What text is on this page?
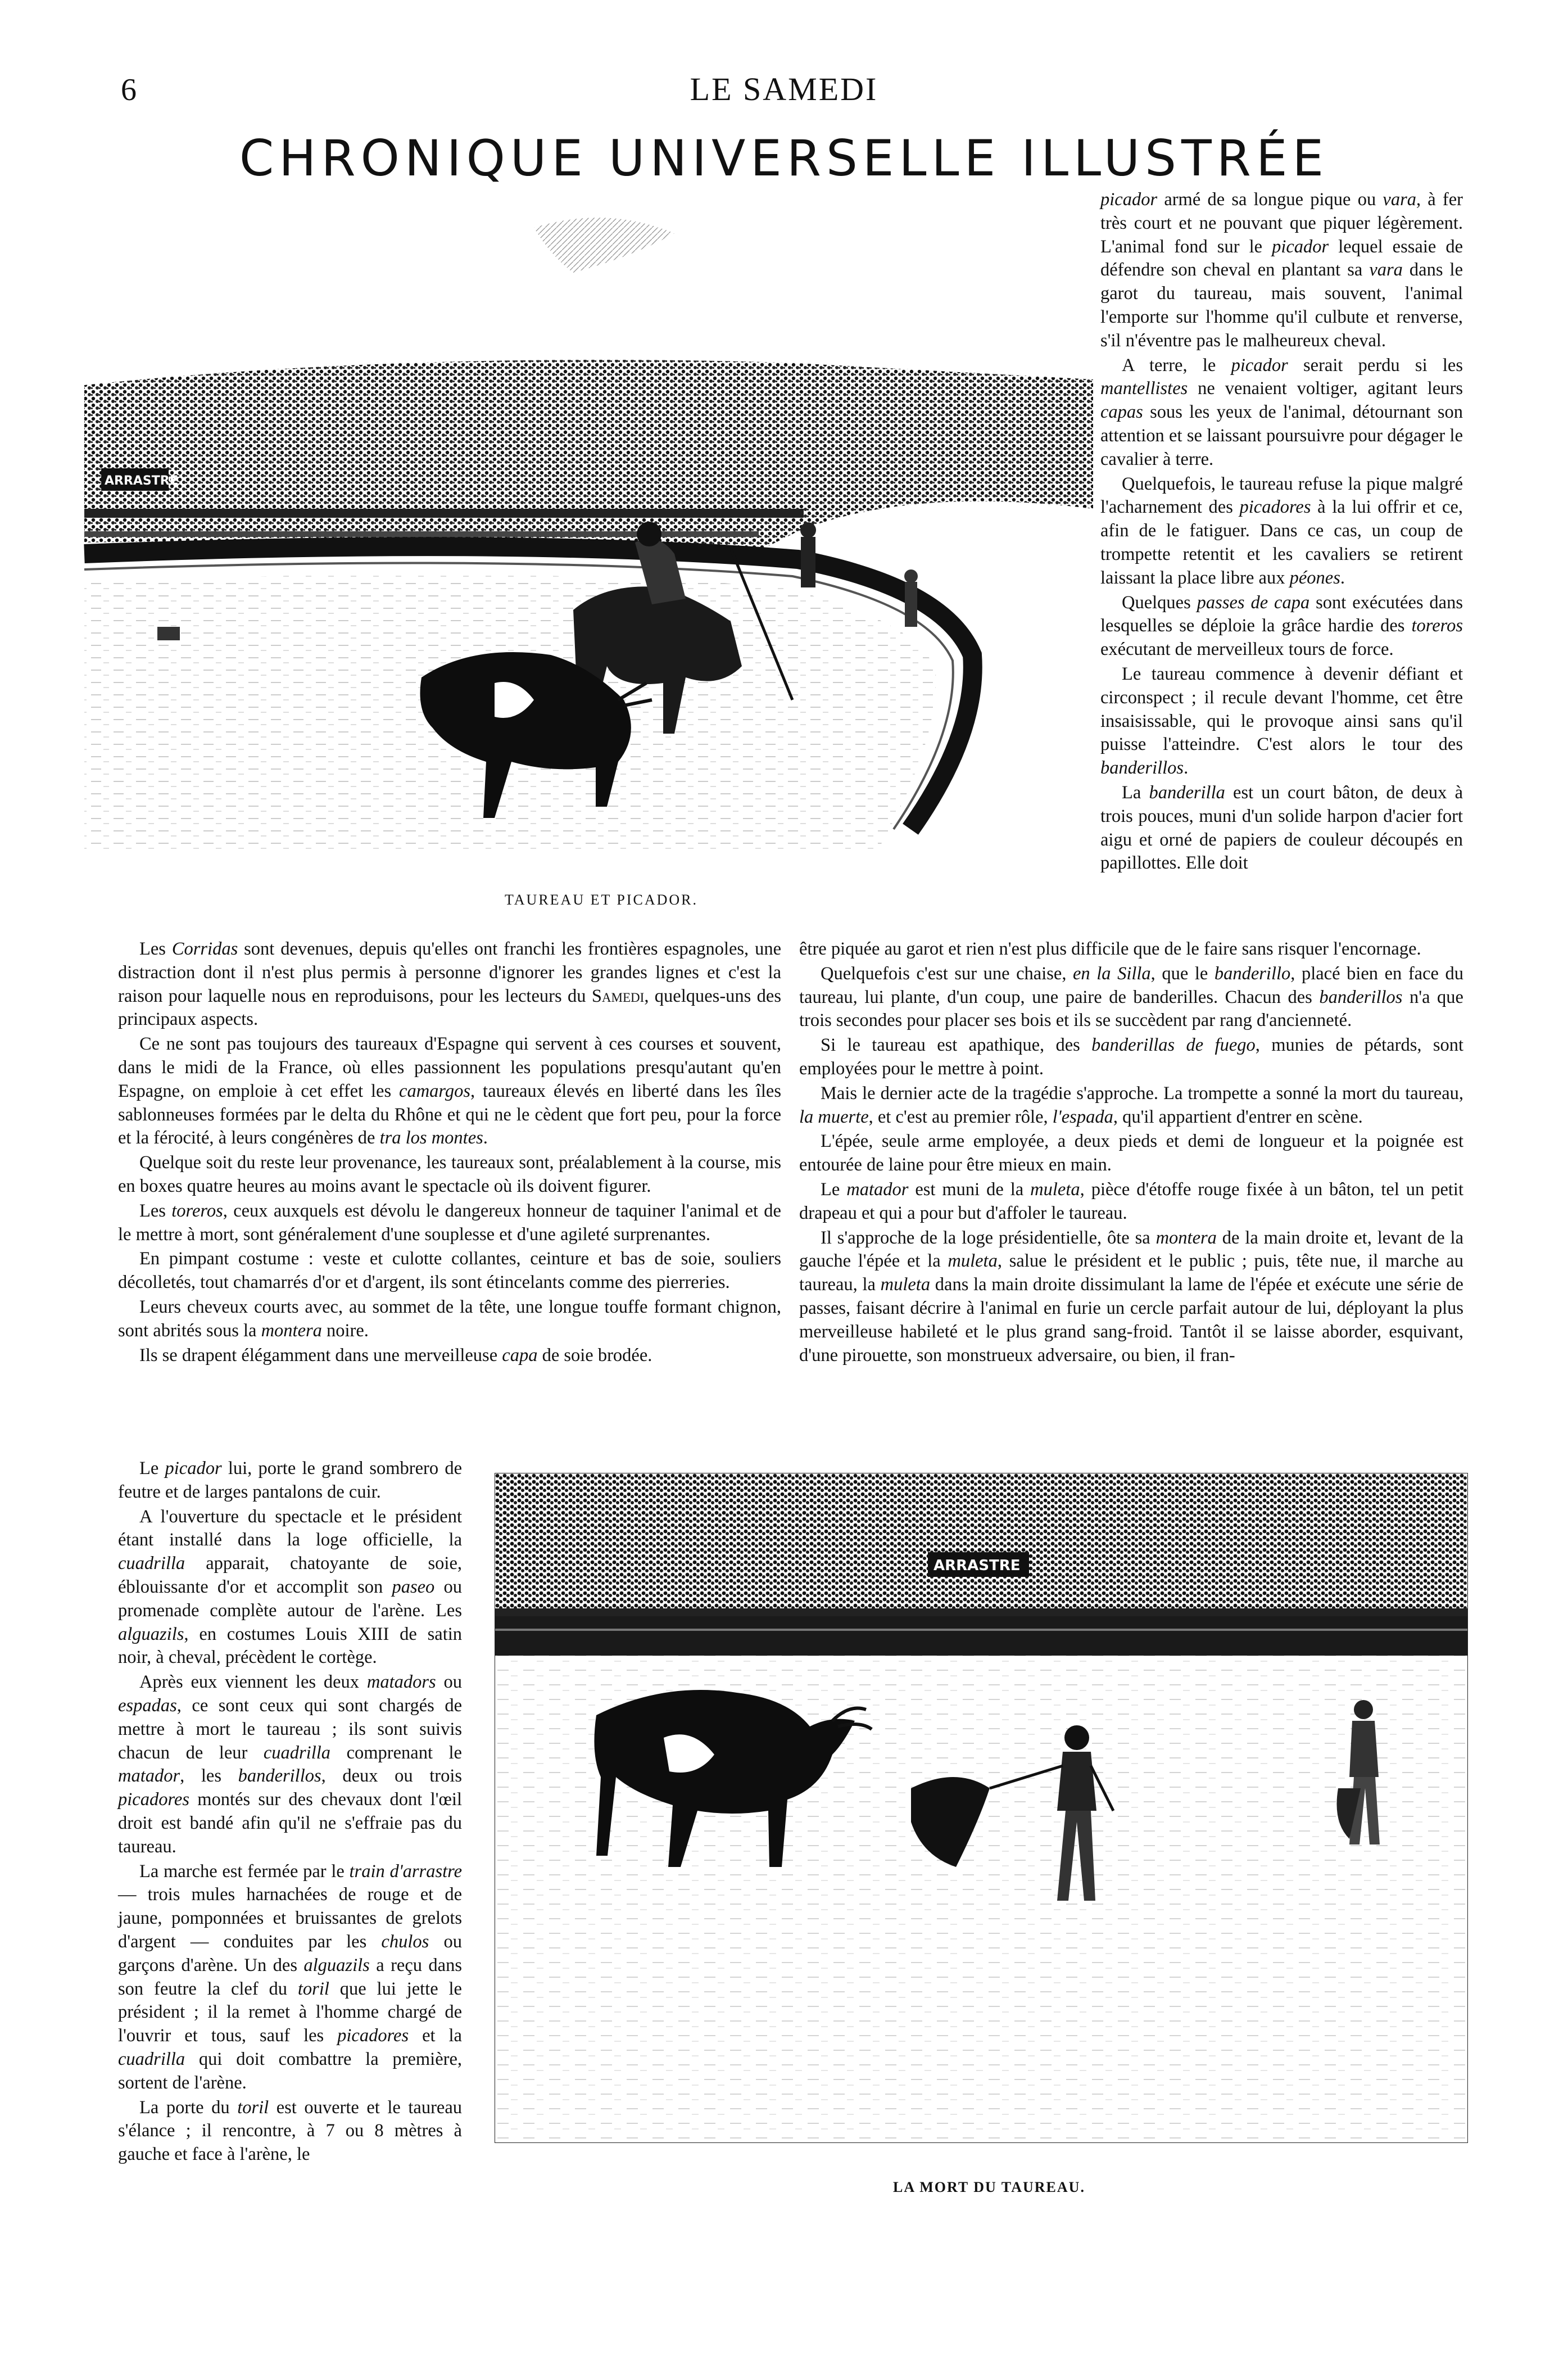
6	LE SAMEDI
CHRONIQUE UNIVERSELLE ILLUSTRÉE
ARRASTRE
TAUREAU ET PICADOR.

picador armé de sa longue pique ou vara, à fer très court et ne pouvant que piquer légèrement. L'animal fond sur le picador lequel essaie de défendre son cheval en plantant sa vara dans le garot du taureau, mais souvent, l'animal l'emporte sur l'homme qu'il culbute et renverse, s'il n'éventre pas le malheureux cheval.

A terre, le picador serait perdu si les mantellistes ne venaient voltiger, agitant leurs capas sous les yeux de l'animal, détournant son attention et se laissant poursuivre pour dégager le cavalier à terre.

Quelquefois, le taureau refuse la pique malgré l'acharnement des picadores à la lui offrir et ce, afin de le fatiguer. Dans ce cas, un coup de trompette retentit et les cavaliers se retirent laissant la place libre aux péones.

Quelques passes de capa sont exécutées dans lesquelles se déploie la grâce hardie des toreros exécutant de merveilleux tours de force.

Le taureau commence à devenir défiant et circonspect ; il recule devant l'homme, cet être insaisissable, qui le provoque ainsi sans qu'il puisse l'atteindre. C'est alors le tour des banderillos.

La banderilla est un court bâton, de deux à trois pouces, muni d'un solide harpon d'acier fort aigu et orné de papiers de couleur découpés en papillottes. Elle doit

être piquée au garot et rien n'est plus difficile que de le faire sans risquer l'encornage.

Quelquefois c'est sur une chaise, en la Silla, que le banderillo, placé bien en face du taureau, lui plante, d'un coup, une paire de banderilles. Chacun des banderillos n'a que trois secondes pour placer ses bois et ils se succèdent par rang d'ancienneté.

Si le taureau est apathique, des banderillas de fuego, munies de pétards, sont employées pour le mettre à point.

Mais le dernier acte de la tragédie s'approche. La trompette a sonné la mort du taureau, la muerte, et c'est au premier rôle, l'espada, qu'il appartient d'entrer en scène.

L'épée, seule arme employée, a deux pieds et demi de longueur et la poignée est entourée de laine pour être mieux en main.

Le matador est muni de la muleta, pièce d'étoffe rouge fixée à un bâton, tel un petit drapeau et qui a pour but d'affoler le taureau.

Il s'approche de la loge présidentielle, ôte sa montera de la main droite et, levant de la gauche l'épée et la muleta, salue le président et le public ; puis, tête nue, il marche au taureau, la muleta dans la main droite dissimulant la lame de l'épée et exécute une série de passes, faisant décrire à l'animal en furie un cercle parfait autour de lui, déployant la plus merveilleuse habileté et le plus grand sang-froid. Tantôt il se laisse aborder, esquivant, d'une pirouette, son monstrueux adversaire, ou bien, il fran-

Les Corridas sont devenues, depuis qu'elles ont franchi les frontières espagnoles, une distraction dont il n'est plus permis à personne d'ignorer les grandes lignes et c'est la raison pour laquelle nous en reproduisons, pour les lecteurs du Samedi, quelques-uns des principaux aspects.

Ce ne sont pas toujours des taureaux d'Espagne qui servent à ces courses et souvent, dans le midi de la France, où elles passionnent les populations presqu'autant qu'en Espagne, on emploie à cet effet les camargos, taureaux élevés en liberté dans les îles sablonneuses formées par le delta du Rhône et qui ne le cèdent que fort peu, pour la force et la férocité, à leurs congénères de tra los montes.

Quelque soit du reste leur provenance, les taureaux sont, préalablement à la course, mis en boxes quatre heures au moins avant le spectacle où ils doivent figurer.

Les toreros, ceux auxquels est dévolu le dangereux honneur de taquiner l'animal et de le mettre à mort, sont généralement d'une souplesse et d'une agileté surprenantes.

En pimpant costume : veste et culotte collantes, ceinture et bas de soie, souliers décolletés, tout chamarrés d'or et d'argent, ils sont étincelants comme des pierreries.

Leurs cheveux courts avec, au sommet de la tête, une longue touffe formant chignon, sont abrités sous la montera noire.

Ils se drapent élégamment dans une merveilleuse capa de soie brodée.

Le picador lui, porte le grand sombrero de feutre et de larges pantalons de cuir.

A l'ouverture du spectacle et le président étant installé dans la loge officielle, la cuadrilla apparait, chatoyante de soie, éblouissante d'or et accomplit son paseo ou promenade complète autour de l'arène. Les alguazils, en costumes Louis XIII de satin noir, à cheval, précèdent le cortège.

Après eux viennent les deux matadors ou espadas, ce sont ceux qui sont chargés de mettre à mort le taureau ; ils sont suivis chacun de leur cuadrilla comprenant le matador, les banderillos, deux ou trois picadores montés sur des chevaux dont l'œil droit est bandé afin qu'il ne s'effraie pas du taureau.

La marche est fermée par le train d'arrastre — trois mules harnachées de rouge et de jaune, pomponnées et bruissantes de grelots d'argent — conduites par les chulos ou garçons d'arène. Un des alguazils a reçu dans son feutre la clef du toril que lui jette le président ; il la remet à l'homme chargé de l'ouvrir et tous, sauf les picadores et la cuadrilla qui doit combattre la première, sortent de l'arène.

La porte du toril est ouverte et le taureau s'élance ; il rencontre, à 7 ou 8 mètres à gauche et face à l'arène, le

ARRASTRE
LA MORT DU TAUREAU.
